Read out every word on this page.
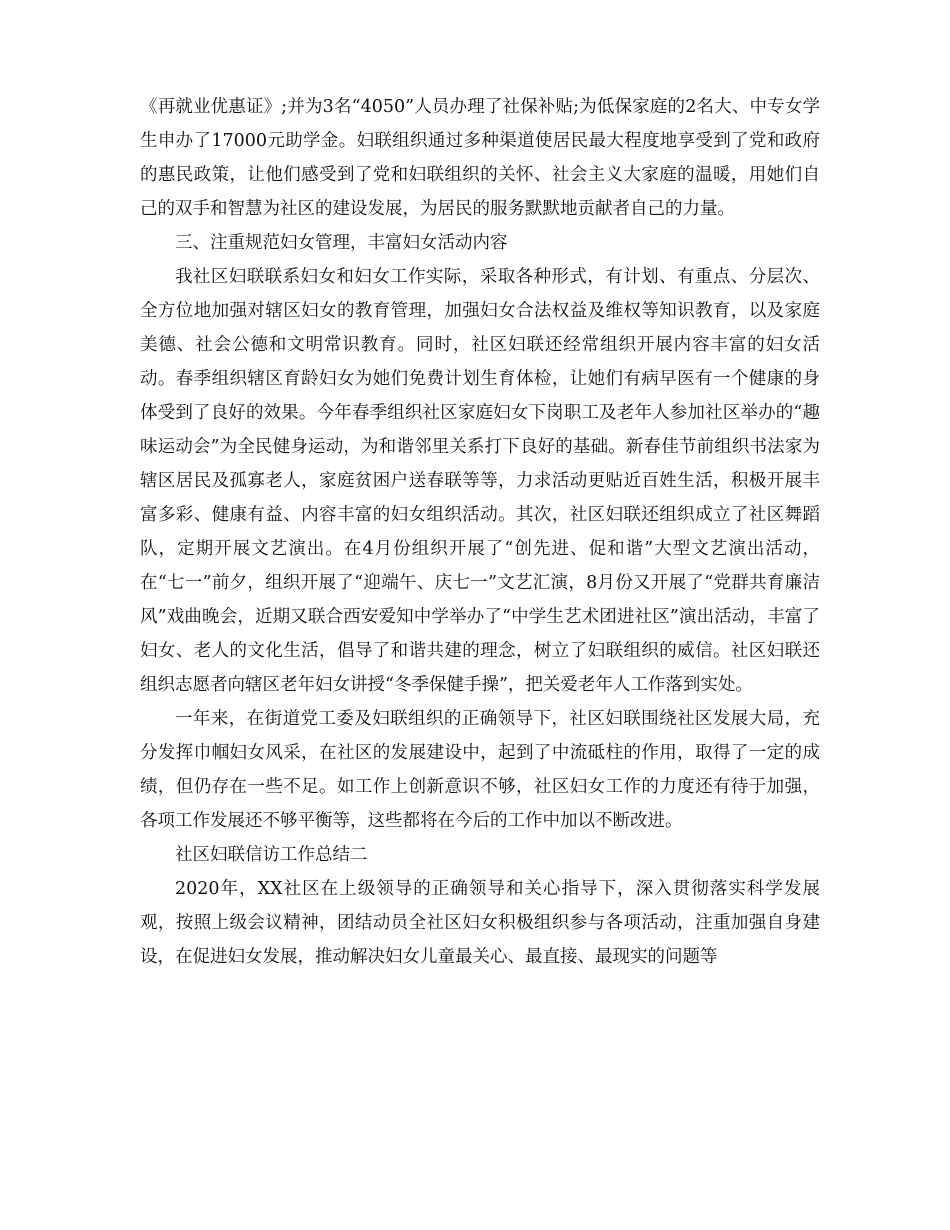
《再就业优惠证》;并为3名“4050”人员办理了社保补贴;为低保家庭的2名大、中专女学生申办了17000元助学金。妇联组织通过多种渠道使居民最大程度地享受到了党和政府的惠民政策，让他们感受到了党和妇联组织的关怀、社会主义大家庭的温暖，用她们自己的双手和智慧为社区的建设发展，为居民的服务默默地贡献者自己的力量。

三、注重规范妇女管理，丰富妇女活动内容

我社区妇联联系妇女和妇女工作实际，采取各种形式，有计划、有重点、分层次、全方位地加强对辖区妇女的教育管理，加强妇女合法权益及维权等知识教育，以及家庭美德、社会公德和文明常识教育。同时，社区妇联还经常组织开展内容丰富的妇女活动。春季组织辖区育龄妇女为她们免费计划生育体检，让她们有病早医有一个健康的身体受到了良好的效果。今年春季组织社区家庭妇女下岗职工及老年人参加社区举办的“趣味运动会”为全民健身运动，为和谐邻里关系打下良好的基础。新春佳节前组织书法家为辖区居民及孤寡老人，家庭贫困户送春联等等，力求活动更贴近百姓生活，积极开展丰富多彩、健康有益、内容丰富的妇女组织活动。其次，社区妇联还组织成立了社区舞蹈队，定期开展文艺演出。在4月份组织开展了“创先进、促和谐”大型文艺演出活动，在“七一”前夕，组织开展了“迎端午、庆七一”文艺汇演，8月份又开展了“党群共育廉洁风”戏曲晚会，近期又联合西安爱知中学举办了“中学生艺术团进社区”演出活动，丰富了妇女、老人的文化生活，倡导了和谐共建的理念，树立了妇联组织的威信。社区妇联还组织志愿者向辖区老年妇女讲授“冬季保健手操”，把关爱老年人工作落到实处。

一年来，在街道党工委及妇联组织的正确领导下，社区妇联围绕社区发展大局，充分发挥巾帼妇女风采，在社区的发展建设中，起到了中流砥柱的作用，取得了一定的成绩，但仍存在一些不足。如工作上创新意识不够，社区妇女工作的力度还有待于加强，各项工作发展还不够平衡等，这些都将在今后的工作中加以不断改进。

社区妇联信访工作总结二

2020年，XX社区在上级领导的正确领导和关心指导下，深入贯彻落实科学发展观，按照上级会议精神，团结动员全社区妇女积极组织参与各项活动，注重加强自身建设，在促进妇女发展，推动解决妇女儿童最关心、最直接、最现实的问题等
